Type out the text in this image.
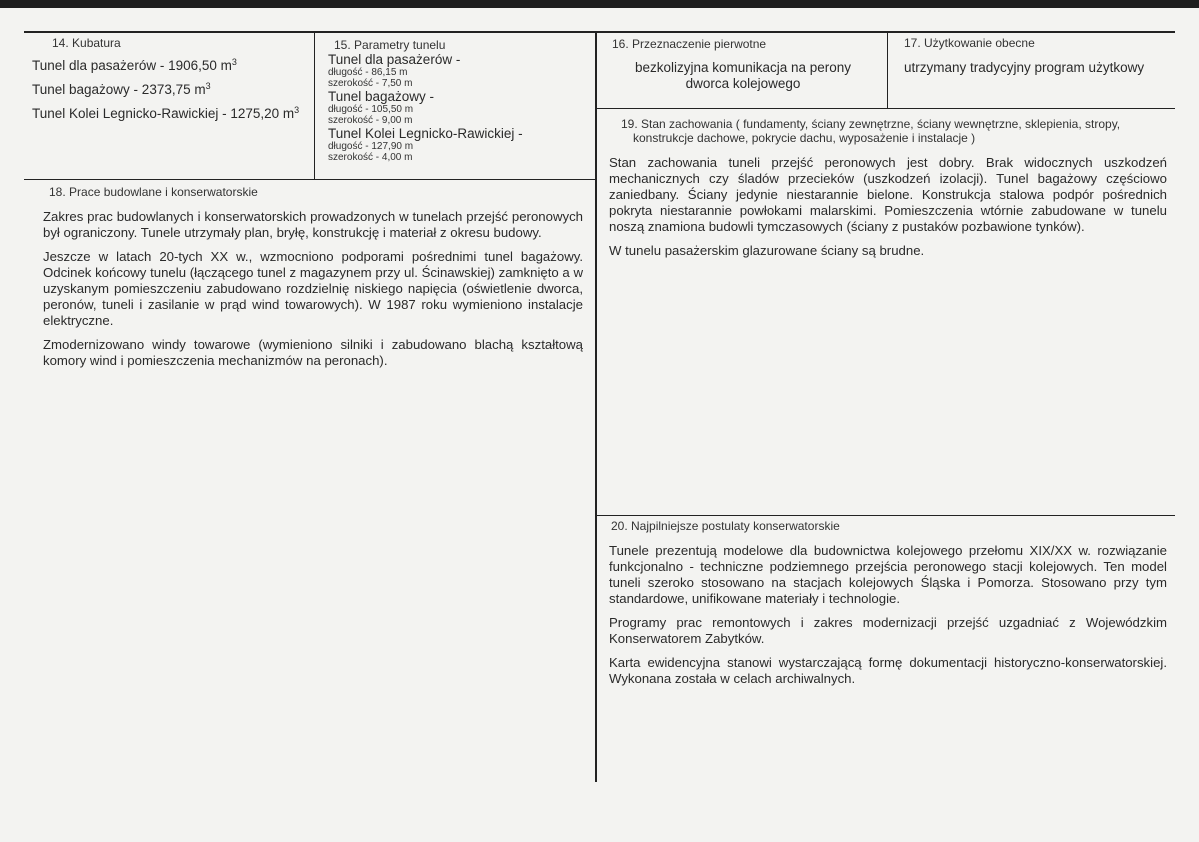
14. Kubatura
Tunel dla pasażerów - 1906,50 $m^3$
Tunel bagażowy - 2373,75 $m^3$
Tunel Kolei Legnicko-Rawickiej - 1275,20 $m^3$
15. Parametry tunelu
Tunel dla pasażerów -
długość - 86,15 m
szerokość - 7,50 m
Tunel bagażowy -
długość - 105,50 m
szerokość - 9,00 m
Tunel Kolei Legnicko-Rawickiej -
długość - 127,90 m
szerokość - 4,00 m
16. Przeznaczenie pierwotne
bezkolizyjna komunikacja na perony
dworca kolejowego
17. Użytkowanie obecne
utrzymany tradycyjny program użytkowy
18. Prace budowlane i konserwatorskie

Zakres prac budowlanych i konserwatorskich prowadzonych w tunelach przejść peronowych był ograniczony. Tunele utrzymały plan, bryłę, konstrukcję i materiał z okresu budowy.

Jeszcze w latach 20-tych XX w., wzmocniono podporami pośrednimi tunel bagażowy. Odcinek końcowy tunelu (łączącego tunel z magazynem przy ul. Ścinawskiej) zamknięto a w uzyskanym pomieszczeniu zabudowano rozdzielnię niskiego napięcia (oświetlenie dworca, peronów, tuneli i zasilanie w prąd wind towarowych). W 1987 roku wymieniono instalacje elektryczne.

Zmodernizowano windy towarowe (wymieniono silniki i zabudowano blachą kształtową komory wind i pomieszczenia mechanizmów na peronach).

19. Stan zachowania ( fundamenty, ściany zewnętrzne, ściany wewnętrzne, sklepienia, stropy,
konstrukcje dachowe, pokrycie dachu, wyposażenie i instalacje )

Stan zachowania tuneli przejść peronowych jest dobry. Brak widocznych uszkodzeń mechanicznych czy śladów przecieków (uszkodzeń izolacji). Tunel bagażowy częściowo zaniedbany. Ściany jedynie niestarannie bielone. Konstrukcja stalowa podpór pośrednich pokryta niestarannie powłokami malarskimi. Pomieszczenia wtórnie zabudowane w tunelu noszą znamiona budowli tymczasowych (ściany z pustaków pozbawione tynków).

W tunelu pasażerskim glazurowane ściany są brudne.

20. Najpilniejsze postulaty konserwatorskie

Tunele prezentują modelowe dla budownictwa kolejowego przełomu XIX/XX w. rozwiązanie funkcjonalno - techniczne podziemnego przejścia peronowego stacji kolejowych. Ten model tuneli szeroko stosowano na stacjach kolejowych Śląska i Pomorza. Stosowano przy tym standardowe, unifikowane materiały i technologie.

Programy prac remontowych i zakres modernizacji przejść uzgadniać z Wojewódzkim Konserwatorem Zabytków.

Karta ewidencyjna stanowi wystarczającą formę dokumentacji historyczno-konserwatorskiej. Wykonana została w celach archiwalnych.
